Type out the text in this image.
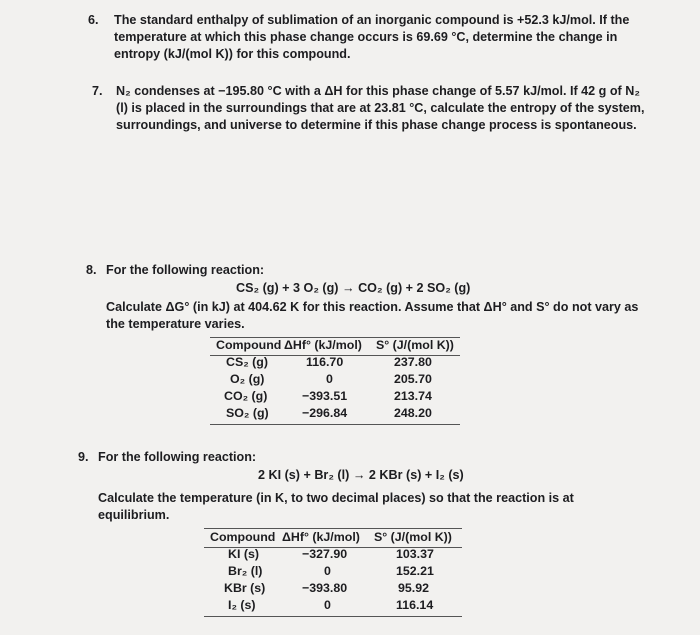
6. The standard enthalpy of sublimation of an inorganic compound is +52.3 kJ/mol. If the
temperature at which this phase change occurs is 69.69 °C, determine the change in
entropy (kJ/(mol K)) for this compound.
7. N₂ condenses at −195.80 °C with a ΔH for this phase change of 5.57 kJ/mol. If 42 g of N₂
(l) is placed in the surroundings that are at 23.81 °C, calculate the entropy of the system,
surroundings, and universe to determine if this phase change process is spontaneous.
8. For the following reaction:
CS₂ (g) + 3 O₂ (g) → CO₂ (g) + 2 SO₂ (g)
Calculate ΔG° (in kJ) at 404.62 K for this reaction. Assume that ΔH° and S° do not vary as
the temperature varies.
Compound ΔHf° (kJ/mol) S° (J/(mol K))
CS₂ (g)	116.70	237.80
O₂ (g)	0	205.70
CO₂ (g)	−393.51	213.74
SO₂ (g)	−296.84	248.20
9. For the following reaction:
2 KI (s) + Br₂ (l) → 2 KBr (s) + I₂ (s)
Calculate the temperature (in K, to two decimal places) so that the reaction is at
equilibrium.
Compound ΔHf° (kJ/mol) S° (J/(mol K))
KI (s)	−327.90	103.37
Br₂ (l)	0	152.21
KBr (s)	−393.80	95.92
I₂ (s)	0	116.14
